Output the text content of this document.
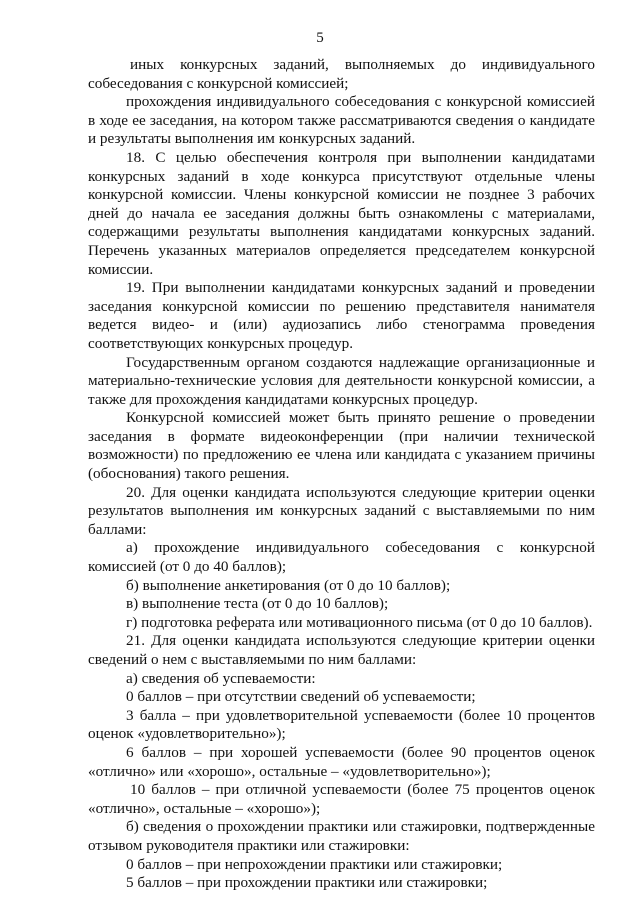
5

иных конкурсных заданий, выполняемых до индивидуального собеседования с конкурсной комиссией;

прохождения индивидуального собеседования с конкурсной комиссией в ходе ее заседания, на котором также рассматриваются сведения о кандидате и результаты выполнения им конкурсных заданий.

18. С целью обеспечения контроля при выполнении кандидатами конкурсных заданий в ходе конкурса присутствуют отдельные члены конкурсной комиссии. Члены конкурсной комиссии не позднее 3 рабочих дней до начала ее заседания должны быть ознакомлены с материалами, содержащими результаты выполнения кандидатами конкурсных заданий. Перечень указанных материалов определяется председателем конкурсной комиссии.

19. При выполнении кандидатами конкурсных заданий и проведении заседания конкурсной комиссии по решению представителя нанимателя ведется видео- и (или) аудиозапись либо стенограмма проведения соответствующих конкурсных процедур.

Государственным органом создаются надлежащие организационные и материально-технические условия для деятельности конкурсной комиссии, а также для прохождения кандидатами конкурсных процедур.

Конкурсной комиссией может быть принято решение о проведении заседания в формате видеоконференции (при наличии технической возможности) по предложению ее члена или кандидата с указанием причины (обоснования) такого решения.

20. Для оценки кандидата используются следующие критерии оценки результатов выполнения им конкурсных заданий с выставляемыми по ним баллами:

а) прохождение индивидуального собеседования с конкурсной комиссией (от 0 до 40 баллов);

б) выполнение анкетирования (от 0 до 10 баллов);

в) выполнение теста (от 0 до 10 баллов);

г) подготовка реферата или мотивационного письма (от 0 до 10 баллов).

21. Для оценки кандидата используются следующие критерии оценки сведений о нем с выставляемыми по ним баллами:

а) сведения об успеваемости:

0 баллов – при отсутствии сведений об успеваемости;

3 балла – при удовлетворительной успеваемости (более 10 процентов оценок «удовлетворительно»);

6 баллов – при хорошей успеваемости (более 90 процентов оценок «отлично» или «хорошо», остальные – «удовлетворительно»);

10 баллов – при отличной успеваемости (более 75 процентов оценок «отлично», остальные – «хорошо»);

б) сведения о прохождении практики или стажировки, подтвержденные отзывом руководителя практики или стажировки:

0 баллов – при непрохождении практики или стажировки;

5 баллов – при прохождении практики или стажировки;
